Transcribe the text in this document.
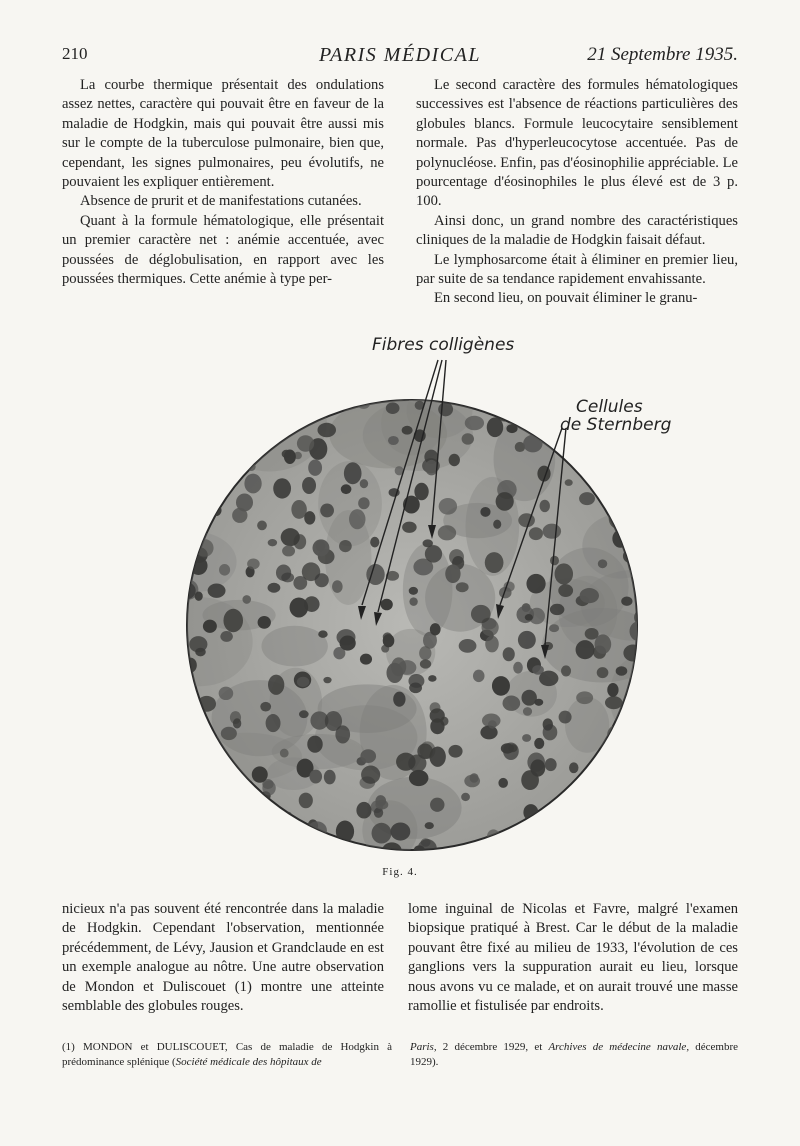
210	PARIS MÉDICAL	21 Septembre 1935.

La courbe thermique présentait des ondulations assez nettes, caractère qui pouvait être en faveur de la maladie de Hodgkin, mais qui pouvait être aussi mis sur le compte de la tuberculose pulmonaire, bien que, cependant, les signes pulmonaires, peu évolutifs, ne pouvaient les expliquer entièrement.

Absence de prurit et de manifestations cutanées.

Quant à la formule hématologique, elle présentait un premier caractère net : anémie accentuée, avec poussées de déglobulisation, en rapport avec les poussées thermiques. Cette anémie à type per-

Le second caractère des formules hématologiques successives est l'absence de réactions particulières des globules blancs. Formule leucocytaire sensiblement normale. Pas d'hyperleucocytose accentuée. Pas de polynucléose. Enfin, pas d'éosinophilie appréciable. Le pourcentage d'éosinophiles le plus élevé est de 3 p. 100.

Ainsi donc, un grand nombre des caractéristiques cliniques de la maladie de Hodgkin faisait défaut.

Le lymphosarcome était à éliminer en premier lieu, par suite de sa tendance rapidement envahissante.

En second lieu, on pouvait éliminer le granu-

Fibres colligènes
Cellules
de Sternberg
Fig. 4.

nicieux n'a pas souvent été rencontrée dans la maladie de Hodgkin. Cependant l'observation, mentionnée précédemment, de Lévy, Jausion et Grandclaude en est un exemple analogue au nôtre. Une autre observation de Mondon et Duliscouet (1) montre une atteinte semblable des globules rouges.

lome inguinal de Nicolas et Favre, malgré l'examen biopsique pratiqué à Brest. Car le début de la maladie pouvant être fixé au milieu de 1933, l'évolution de ces ganglions vers la suppuration aurait eu lieu, lorsque nous avons vu ce malade, et on aurait trouvé une masse ramollie et fistulisée par endroits.

(1) MONDON et DULISCOUET, Cas de maladie de Hodgkin à prédominance splénique (Société médicale des hôpitaux de
Paris, 2 décembre 1929, et Archives de médecine navale, décembre 1929).
